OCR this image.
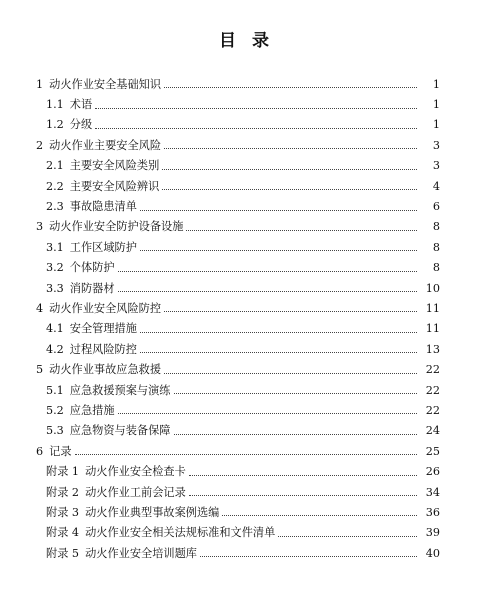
目 录
1 动火作业安全基础知识	1
1.1 术语	1
1.2 分级	1
2 动火作业主要安全风险	3
2.1 主要安全风险类别	3
2.2 主要安全风险辨识	4
2.3 事故隐患清单	6
3 动火作业安全防护设备设施	8
3.1 工作区域防护	8
3.2 个体防护	8
3.3 消防器材	10
4 动火作业安全风险防控	11
4.1 安全管理措施	11
4.2 过程风险防控	13
5 动火作业事故应急救援	22
5.1 应急救援预案与演练	22
5.2 应急措施	22
5.3 应急物资与装备保障	24
6 记录	25
附录 1 动火作业安全检查卡	26
附录 2 动火作业工前会记录	34
附录 3 动火作业典型事故案例选编	36
附录 4 动火作业安全相关法规标准和文件清单	39
附录 5 动火作业安全培训题库	40
